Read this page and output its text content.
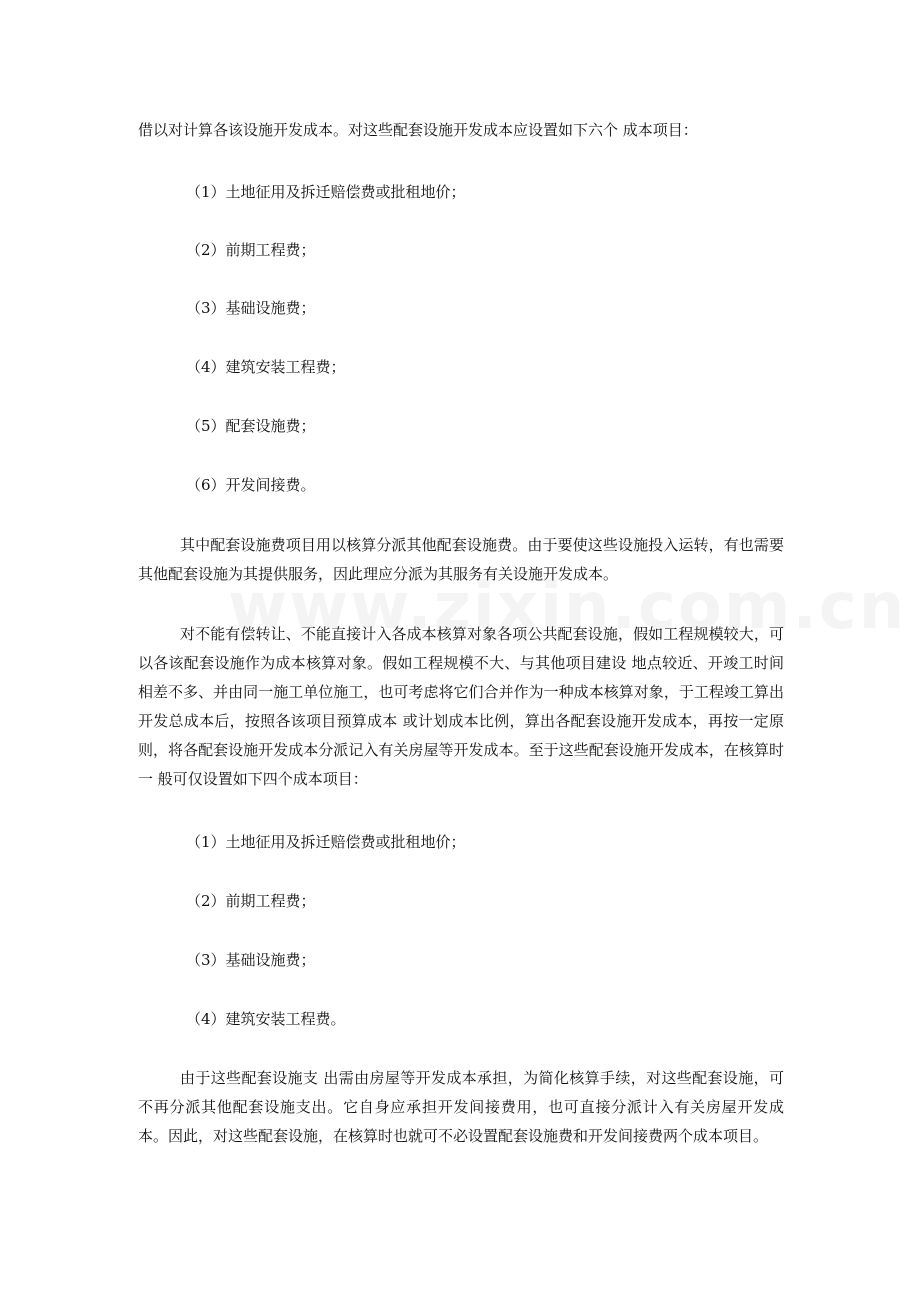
借以对计算各该设施开发成本。对这些配套设施开发成本应设置如下六个 成本项目：
（1）土地征用及拆迁赔偿费或批租地价；
（2）前期工程费；
（3）基础设施费；
（4）建筑安装工程费；
（5）配套设施费；
（6）开发间接费。
其中配套设施费项目用以核算分派其他配套设施费。由于要使这些设施投入运转，有也需要其他配套设施为其提供服务，因此理应分派为其服务有关设施开发成本。
对不能有偿转让、不能直接计入各成本核算对象各项公共配套设施，假如工程规模较大，可以各该配套设施作为成本核算对象。假如工程规模不大、与其他项目建设 地点较近、开竣工时间相差不多、并由同一施工单位施工，也可考虑将它们合并作为一种成本核算对象，于工程竣工算出开发总成本后，按照各该项目预算成本 或计划成本比例，算出各配套设施开发成本，再按一定原则，将各配套设施开发成本分派记入有关房屋等开发成本。至于这些配套设施开发成本，在核算时一 般可仅设置如下四个成本项目：
（1）土地征用及拆迁赔偿费或批租地价；
（2）前期工程费；
（3）基础设施费；
（4）建筑安装工程费。
由于这些配套设施支 出需由房屋等开发成本承担，为简化核算手续，对这些配套设施，可不再分派其他配套设施支出。它自身应承担开发间接费用，也可直接分派计入有关房屋开发成 本。因此，对这些配套设施，在核算时也就可不必设置配套设施费和开发间接费两个成本项目。
